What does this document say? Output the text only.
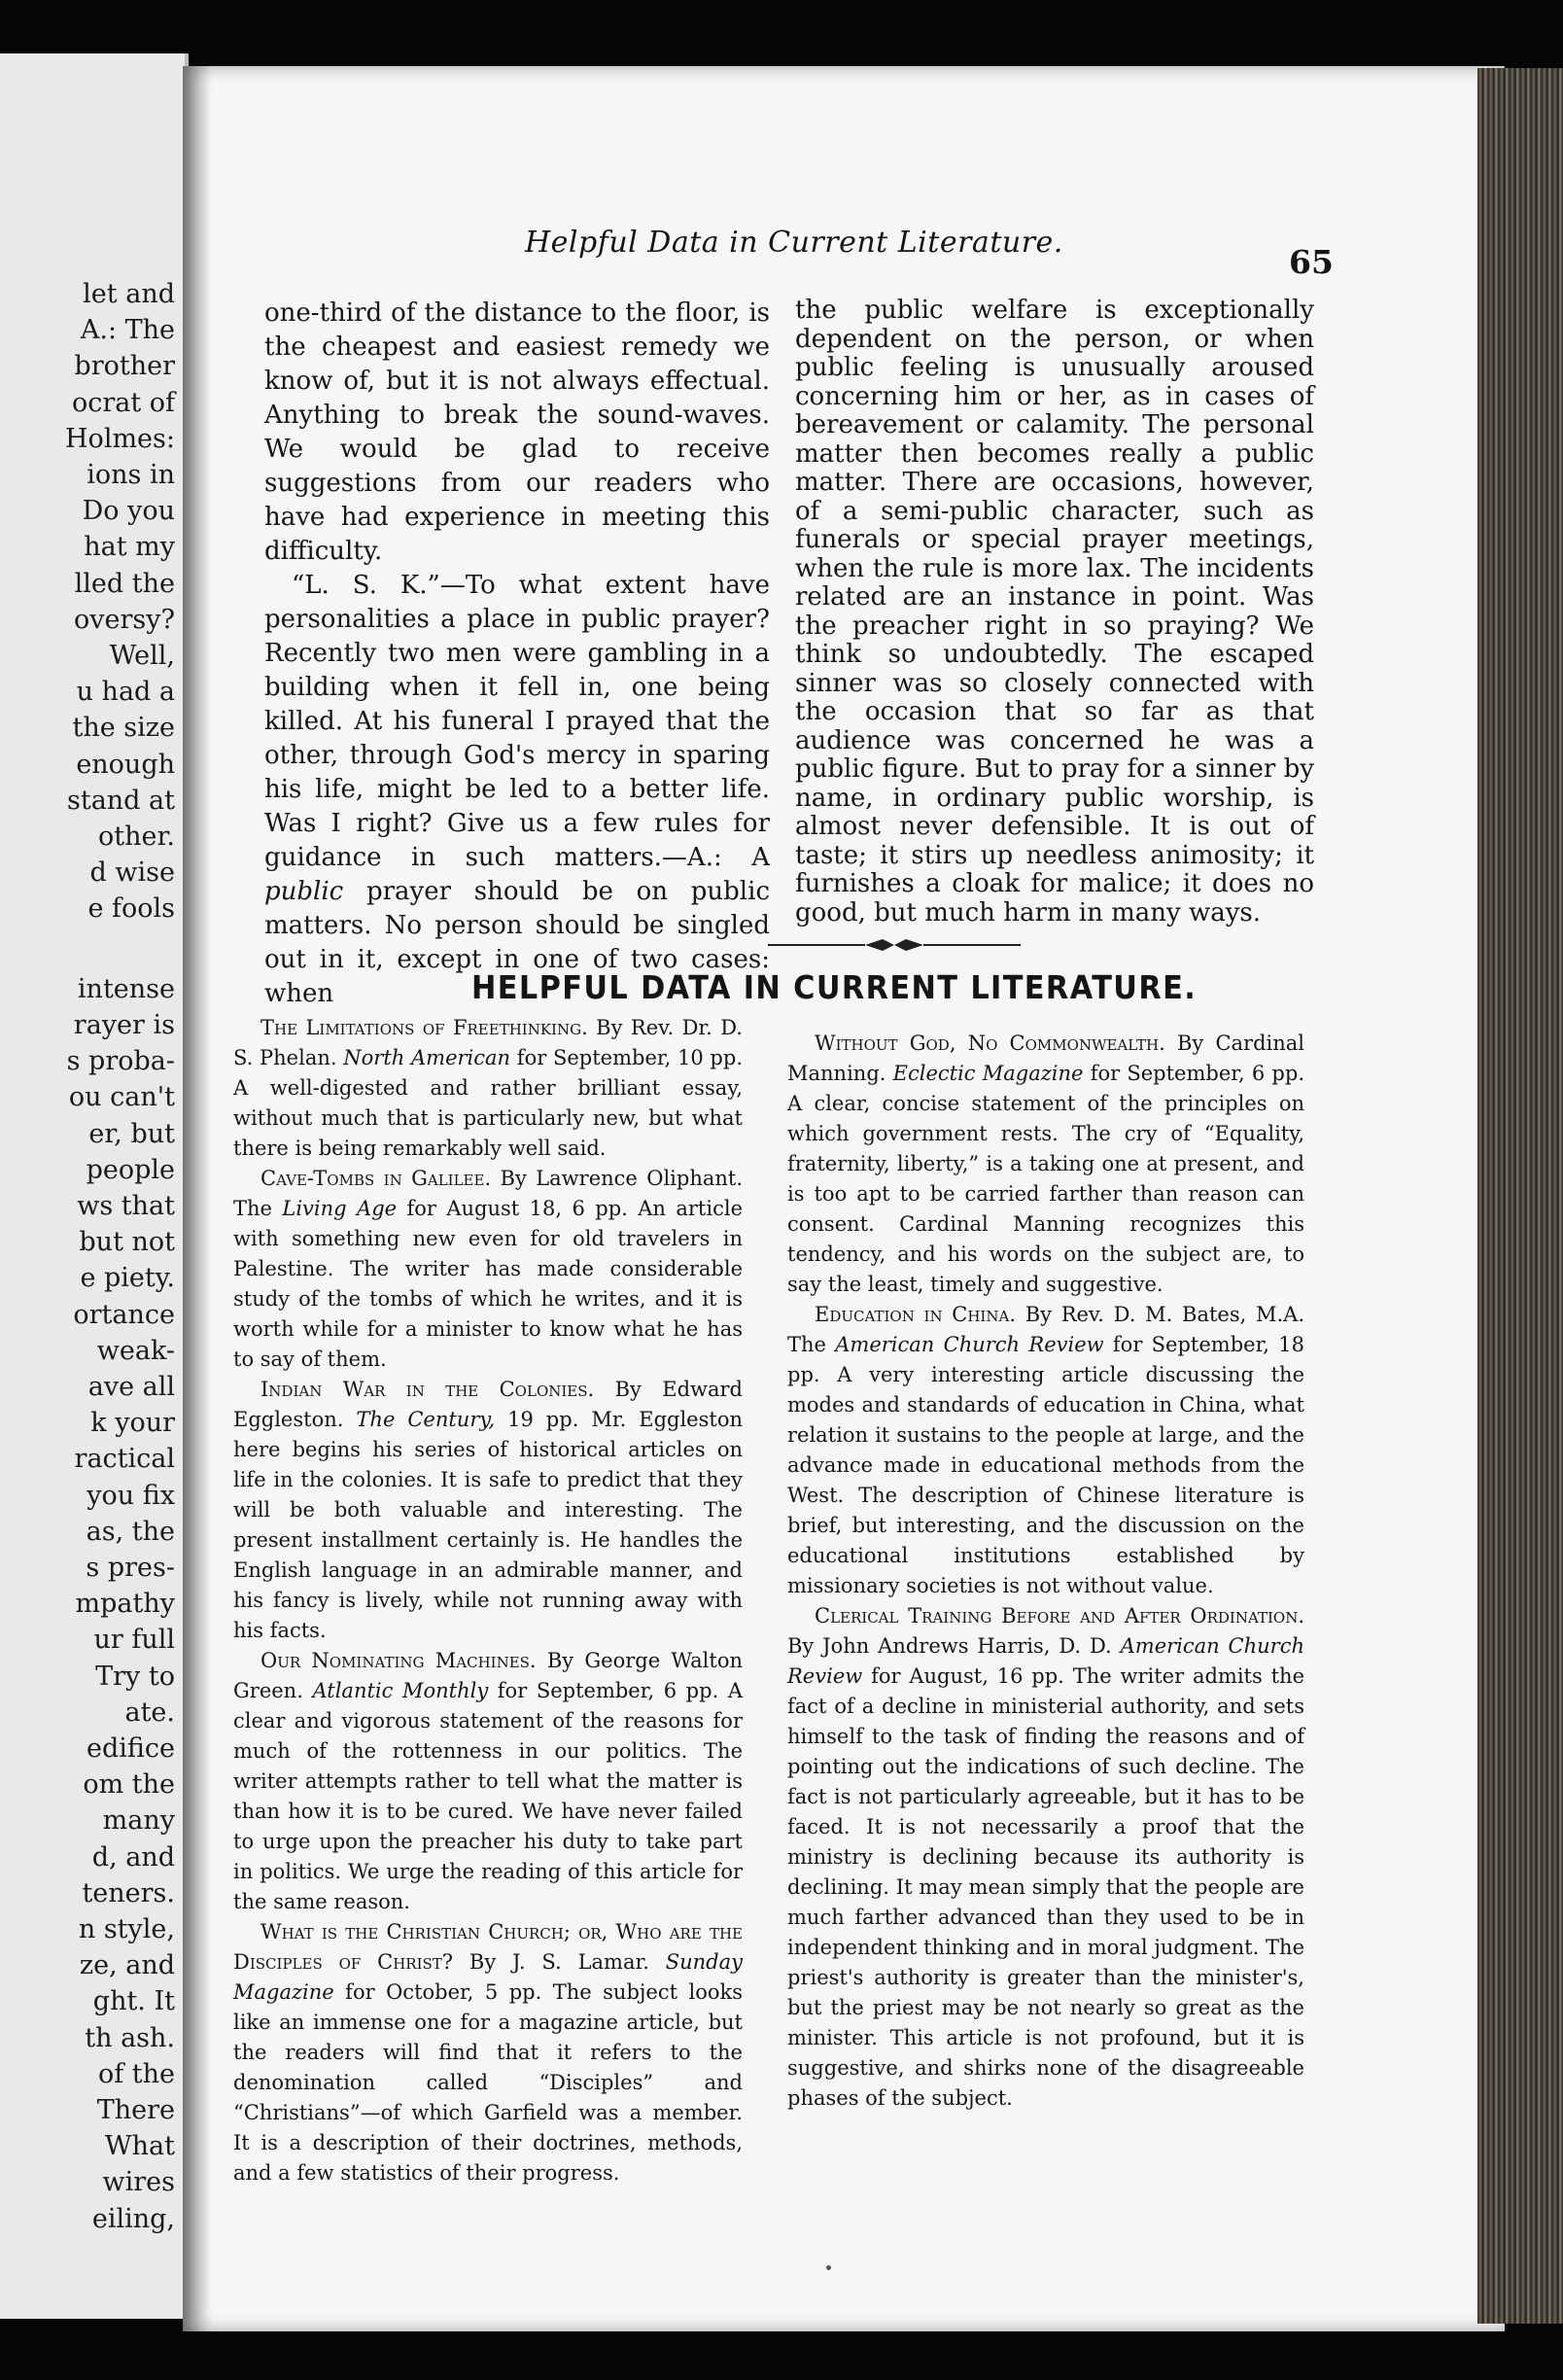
let and
A.: The
brother
ocrat of
Holmes:
ions in
Do you
hat my
lled the
oversy?
Well,
u had a
the size
enough
stand at
other.
d wise
e fools
intense
rayer is
s proba-
ou can't
er, but
people
ws that
but not
e piety.
ortance
weak-
ave all
k your
ractical
you fix
as, the
s pres-
mpathy
ur full
Try to
ate.
edifice
om the
many
d, and
teners.
n style,
ze, and
ght. It
th ash.
of the
There
What
wires
eiling,
Helpful Data in Current Literature.
65

one-third of the distance to the floor, is the cheapest and easiest remedy we know of, but it is not always effectual. Anything to break the sound-waves. We would be glad to receive suggestions from our readers who have had experience in meeting this difficulty.

“L. S. K.”—To what extent have personalities a place in public prayer? Recently two men were gambling in a building when it fell in, one being killed. At his funeral I prayed that the other, through God's mercy in sparing his life, might be led to a better life. Was I right? Give us a few rules for guidance in such matters.—A.: A public prayer should be on public matters. No person should be singled out in it, except in one of two cases: when

the public welfare is exceptionally dependent on the person, or when public feeling is unusually aroused concerning him or her, as in cases of bereavement or calamity. The personal matter then becomes really a public matter. There are occasions, however, of a semi-public character, such as funerals or special prayer meetings, when the rule is more lax. The incidents related are an instance in point. Was the preacher right in so praying? We think so undoubtedly. The escaped sinner was so closely connected with the occasion that so far as that audience was concerned he was a public figure. But to pray for a sinner by name, in ordinary public worship, is almost never defensible. It is out of taste; it stirs up needless animosity; it furnishes a cloak for malice; it does no good, but much harm in many ways.

HELPFUL DATA IN CURRENT LITERATURE.

The Limitations of Freethinking. By Rev. Dr. D. S. Phelan. North American for September, 10 pp. A well-digested and rather brilliant essay, without much that is particularly new, but what there is being remarkably well said.

Cave-Tombs in Galilee. By Lawrence Oliphant. The Living Age for August 18, 6 pp. An article with something new even for old travelers in Palestine. The writer has made considerable study of the tombs of which he writes, and it is worth while for a minister to know what he has to say of them.

Indian War in the Colonies. By Edward Eggleston. The Century, 19 pp. Mr. Eggleston here begins his series of historical articles on life in the colonies. It is safe to predict that they will be both valuable and interesting. The present installment certainly is. He handles the English language in an admirable manner, and his fancy is lively, while not running away with his facts.

Our Nominating Machines. By George Walton Green. Atlantic Monthly for September, 6 pp. A clear and vigorous statement of the reasons for much of the rottenness in our politics. The writer attempts rather to tell what the matter is than how it is to be cured. We have never failed to urge upon the preacher his duty to take part in politics. We urge the reading of this article for the same reason.

What is the Christian Church; or, Who are the Disciples of Christ? By J. S. Lamar. Sunday Magazine for October, 5 pp. The subject looks like an immense one for a magazine article, but the readers will find that it refers to the denomination called “Disciples” and “Christians”—of which Garfield was a member. It is a description of their doctrines, methods, and a few statistics of their progress.

Without God, No Commonwealth. By Cardinal Manning. Eclectic Magazine for September, 6 pp. A clear, concise statement of the principles on which government rests. The cry of “Equality, fraternity, liberty,” is a taking one at present, and is too apt to be carried farther than reason can consent. Cardinal Manning recognizes this tendency, and his words on the subject are, to say the least, timely and suggestive.

Education in China. By Rev. D. M. Bates, M.A. The American Church Review for September, 18 pp. A very interesting article discussing the modes and standards of education in China, what relation it sustains to the people at large, and the advance made in educational methods from the West. The description of Chinese literature is brief, but interesting, and the discussion on the educational institutions established by missionary societies is not without value.

Clerical Training Before and After Ordination. By John Andrews Harris, D. D. American Church Review for August, 16 pp. The writer admits the fact of a decline in ministerial authority, and sets himself to the task of finding the reasons and of pointing out the indications of such decline. The fact is not particularly agreeable, but it has to be faced. It is not necessarily a proof that the ministry is declining because its authority is declining. It may mean simply that the people are much farther advanced than they used to be in independent thinking and in moral judgment. The priest's authority is greater than the minister's, but the priest may be not nearly so great as the minister. This article is not profound, but it is suggestive, and shirks none of the disagreeable phases of the subject.
